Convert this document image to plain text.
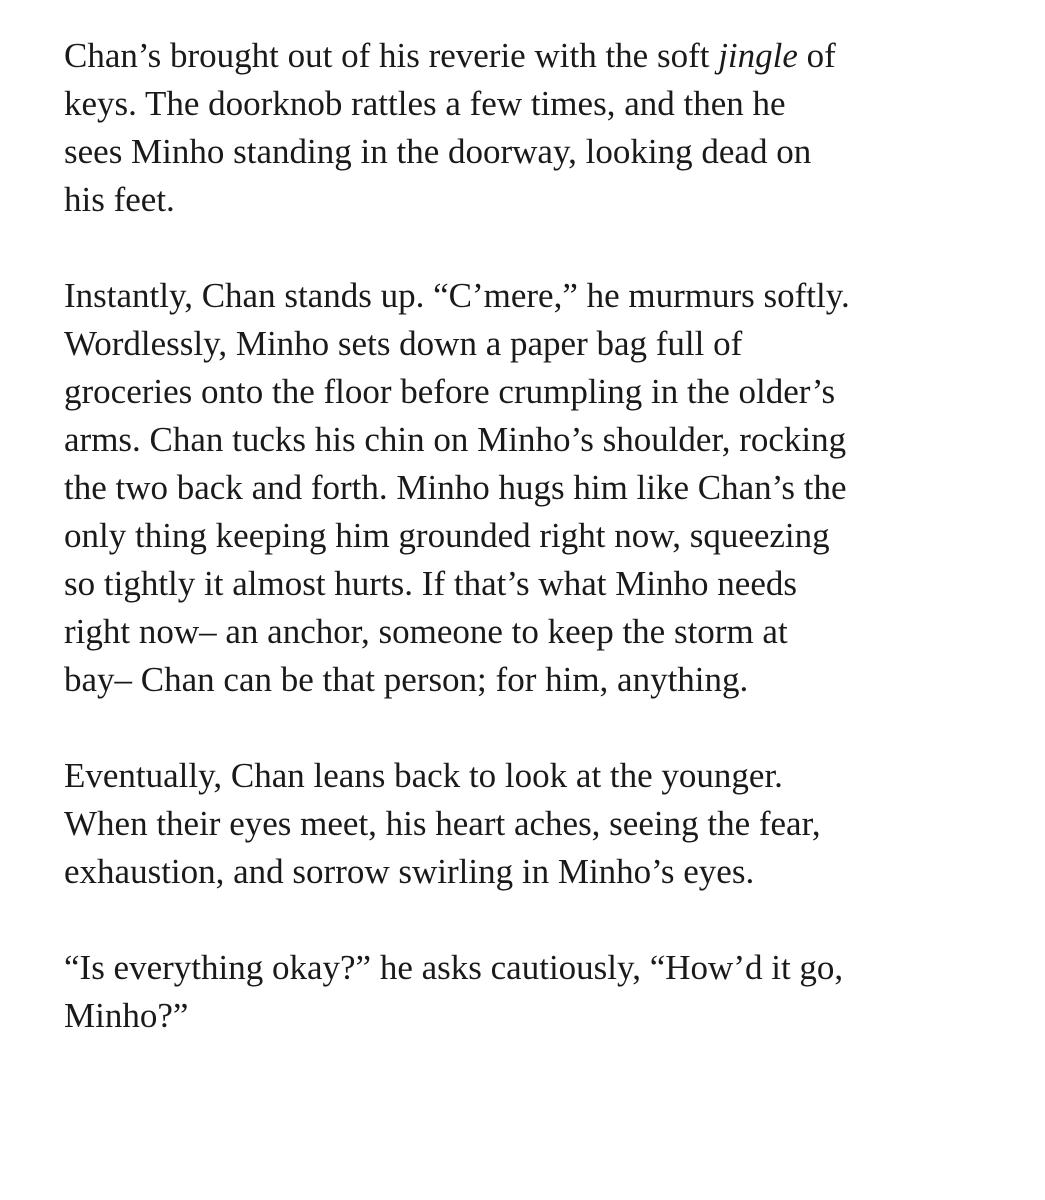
Chan’s brought out of his reverie with the soft jingle of
keys. The doorknob rattles a few times, and then he
sees Minho standing in the doorway, looking dead on
his feet.

Instantly, Chan stands up. “C’mere,” he murmurs softly.
Wordlessly, Minho sets down a paper bag full of
groceries onto the floor before crumpling in the older’s
arms. Chan tucks his chin on Minho’s shoulder, rocking
the two back and forth. Minho hugs him like Chan’s the
only thing keeping him grounded right now, squeezing
so tightly it almost hurts. If that’s what Minho needs
right now– an anchor, someone to keep the storm at
bay– Chan can be that person; for him, anything.

Eventually, Chan leans back to look at the younger.
When their eyes meet, his heart aches, seeing the fear,
exhaustion, and sorrow swirling in Minho’s eyes.

“Is everything okay?” he asks cautiously, “How’d it go,
Minho?”
